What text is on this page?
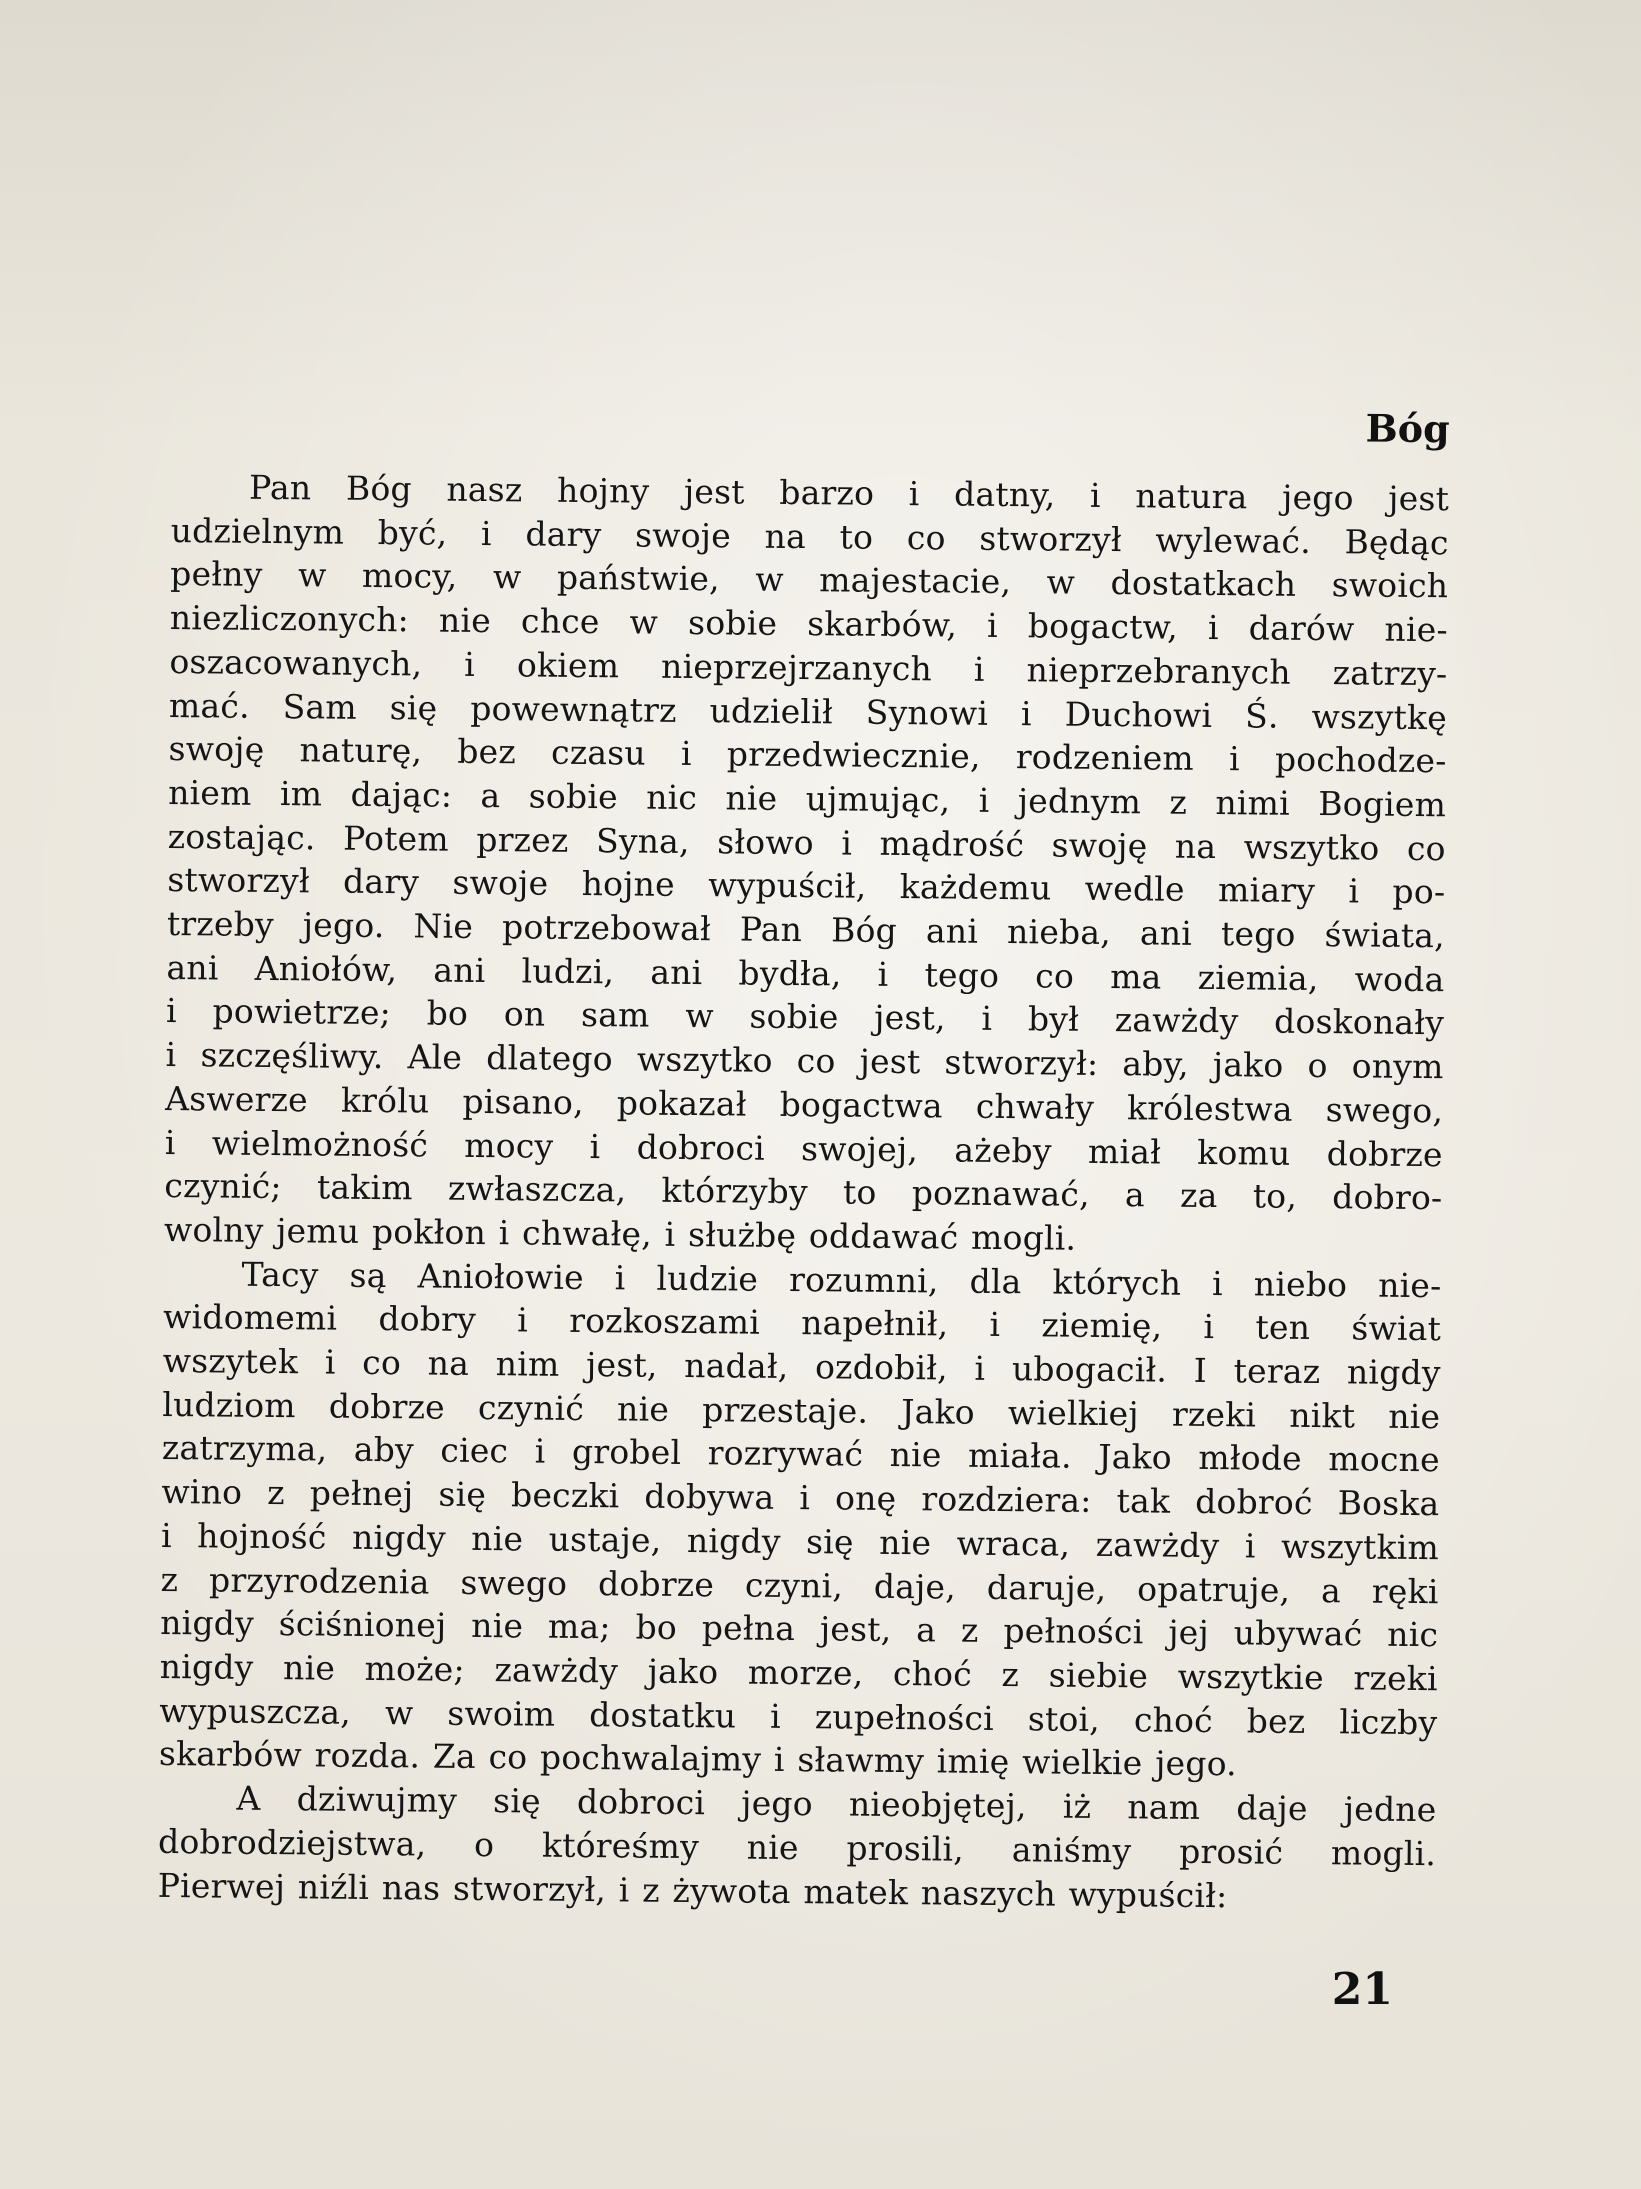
Bóg

Pan Bóg nasz hojny jest barzo i datny, i natura jego jest
udzielnym być, i dary swoje na to co stworzył wylewać. Będąc
pełny w mocy, w państwie, w majestacie, w dostatkach swoich
niezliczonych: nie chce w sobie skarbów, i bogactw, i darów nie-
oszacowanych, i okiem nieprzejrzanych i nieprzebranych zatrzy-
mać. Sam się powewnątrz udzielił Synowi i Duchowi Ś. wszytkę
swoję naturę, bez czasu i przedwiecznie, rodzeniem i pochodze-
niem im dając: a sobie nic nie ujmując, i jednym z nimi Bogiem
zostając. Potem przez Syna, słowo i mądrość swoję na wszytko co
stworzył dary swoje hojne wypuścił, każdemu wedle miary i po-
trzeby jego. Nie potrzebował Pan Bóg ani nieba, ani tego świata,
ani Aniołów, ani ludzi, ani bydła, i tego co ma ziemia, woda
i powietrze; bo on sam w sobie jest, i był zawżdy doskonały
i szczęśliwy. Ale dlatego wszytko co jest stworzył: aby, jako o onym
Aswerze królu pisano, pokazał bogactwa chwały królestwa swego,
i wielmożność mocy i dobroci swojej, ażeby miał komu dobrze
czynić; takim zwłaszcza, którzyby to poznawać, a za to, dobro-
wolny jemu pokłon i chwałę, i służbę oddawać mogli.

Tacy są Aniołowie i ludzie rozumni, dla których i niebo nie-
widomemi dobry i rozkoszami napełnił, i ziemię, i ten świat
wszytek i co na nim jest, nadał, ozdobił, i ubogacił. I teraz nigdy
ludziom dobrze czynić nie przestaje. Jako wielkiej rzeki nikt nie
zatrzyma, aby ciec i grobel rozrywać nie miała. Jako młode mocne
wino z pełnej się beczki dobywa i onę rozdziera: tak dobroć Boska
i hojność nigdy nie ustaje, nigdy się nie wraca, zawżdy i wszytkim
z przyrodzenia swego dobrze czyni, daje, daruje, opatruje, a ręki
nigdy ściśnionej nie ma; bo pełna jest, a z pełności jej ubywać nic
nigdy nie może; zawżdy jako morze, choć z siebie wszytkie rzeki
wypuszcza, w swoim dostatku i zupełności stoi, choć bez liczby
skarbów rozda. Za co pochwalajmy i sławmy imię wielkie jego.

A dziwujmy się dobroci jego nieobjętej, iż nam daje jedne
dobrodziejstwa, o któreśmy nie prosili, aniśmy prosić mogli.
Pierwej niźli nas stworzył, i z żywota matek naszych wypuścił:

21
